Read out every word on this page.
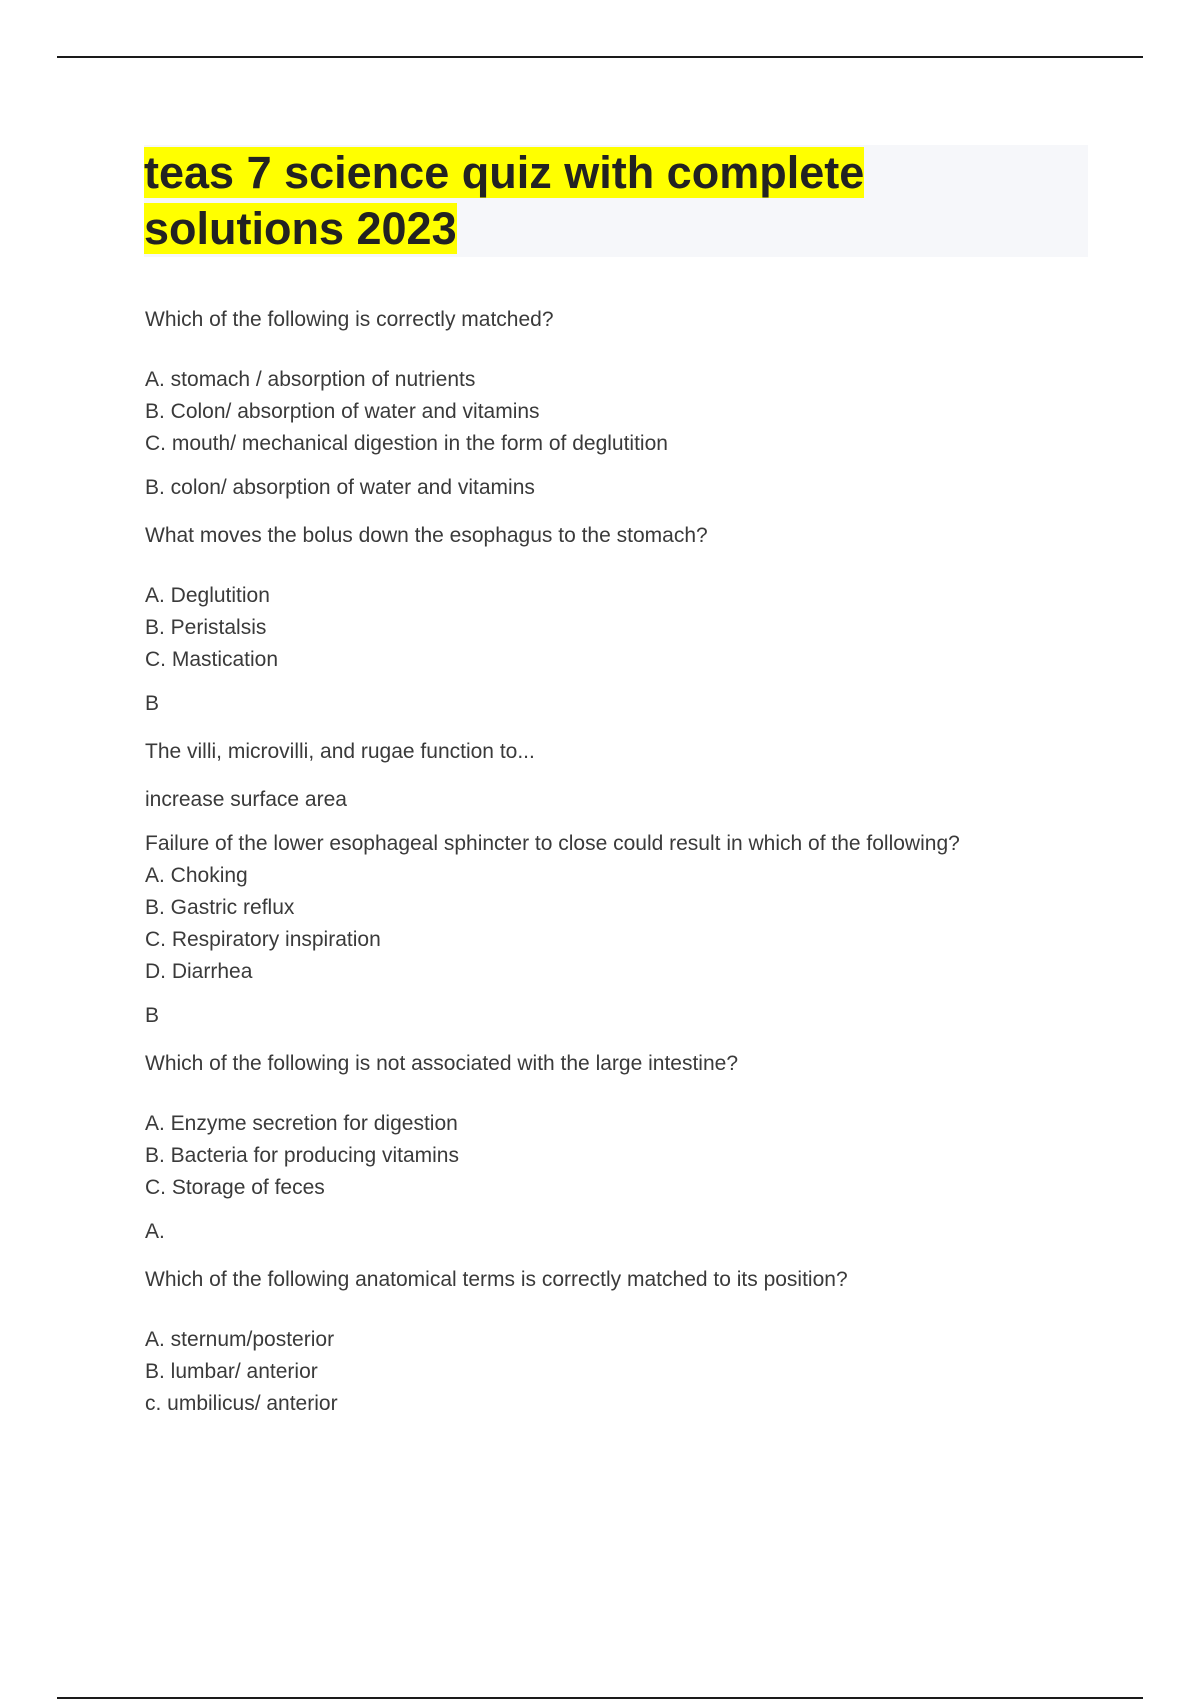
teas 7 science quiz with complete solutions 2023

Which of the following is correctly matched?

A. stomach / absorption of nutrients
B. Colon/ absorption of water and vitamins
C. mouth/ mechanical digestion in the form of deglutition

B. colon/ absorption of water and vitamins

What moves the bolus down the esophagus to the stomach?

A. Deglutition
B. Peristalsis
C. Mastication

B

The villi, microvilli, and rugae function to...

increase surface area

Failure of the lower esophageal sphincter to close could result in which of the following?

A. Choking
B. Gastric reflux
C. Respiratory inspiration
D. Diarrhea

B

Which of the following is not associated with the large intestine?

A. Enzyme secretion for digestion
B. Bacteria for producing vitamins
C. Storage of feces

A.

Which of the following anatomical terms is correctly matched to its position?

A. sternum/posterior
B. lumbar/ anterior
c. umbilicus/ anterior
